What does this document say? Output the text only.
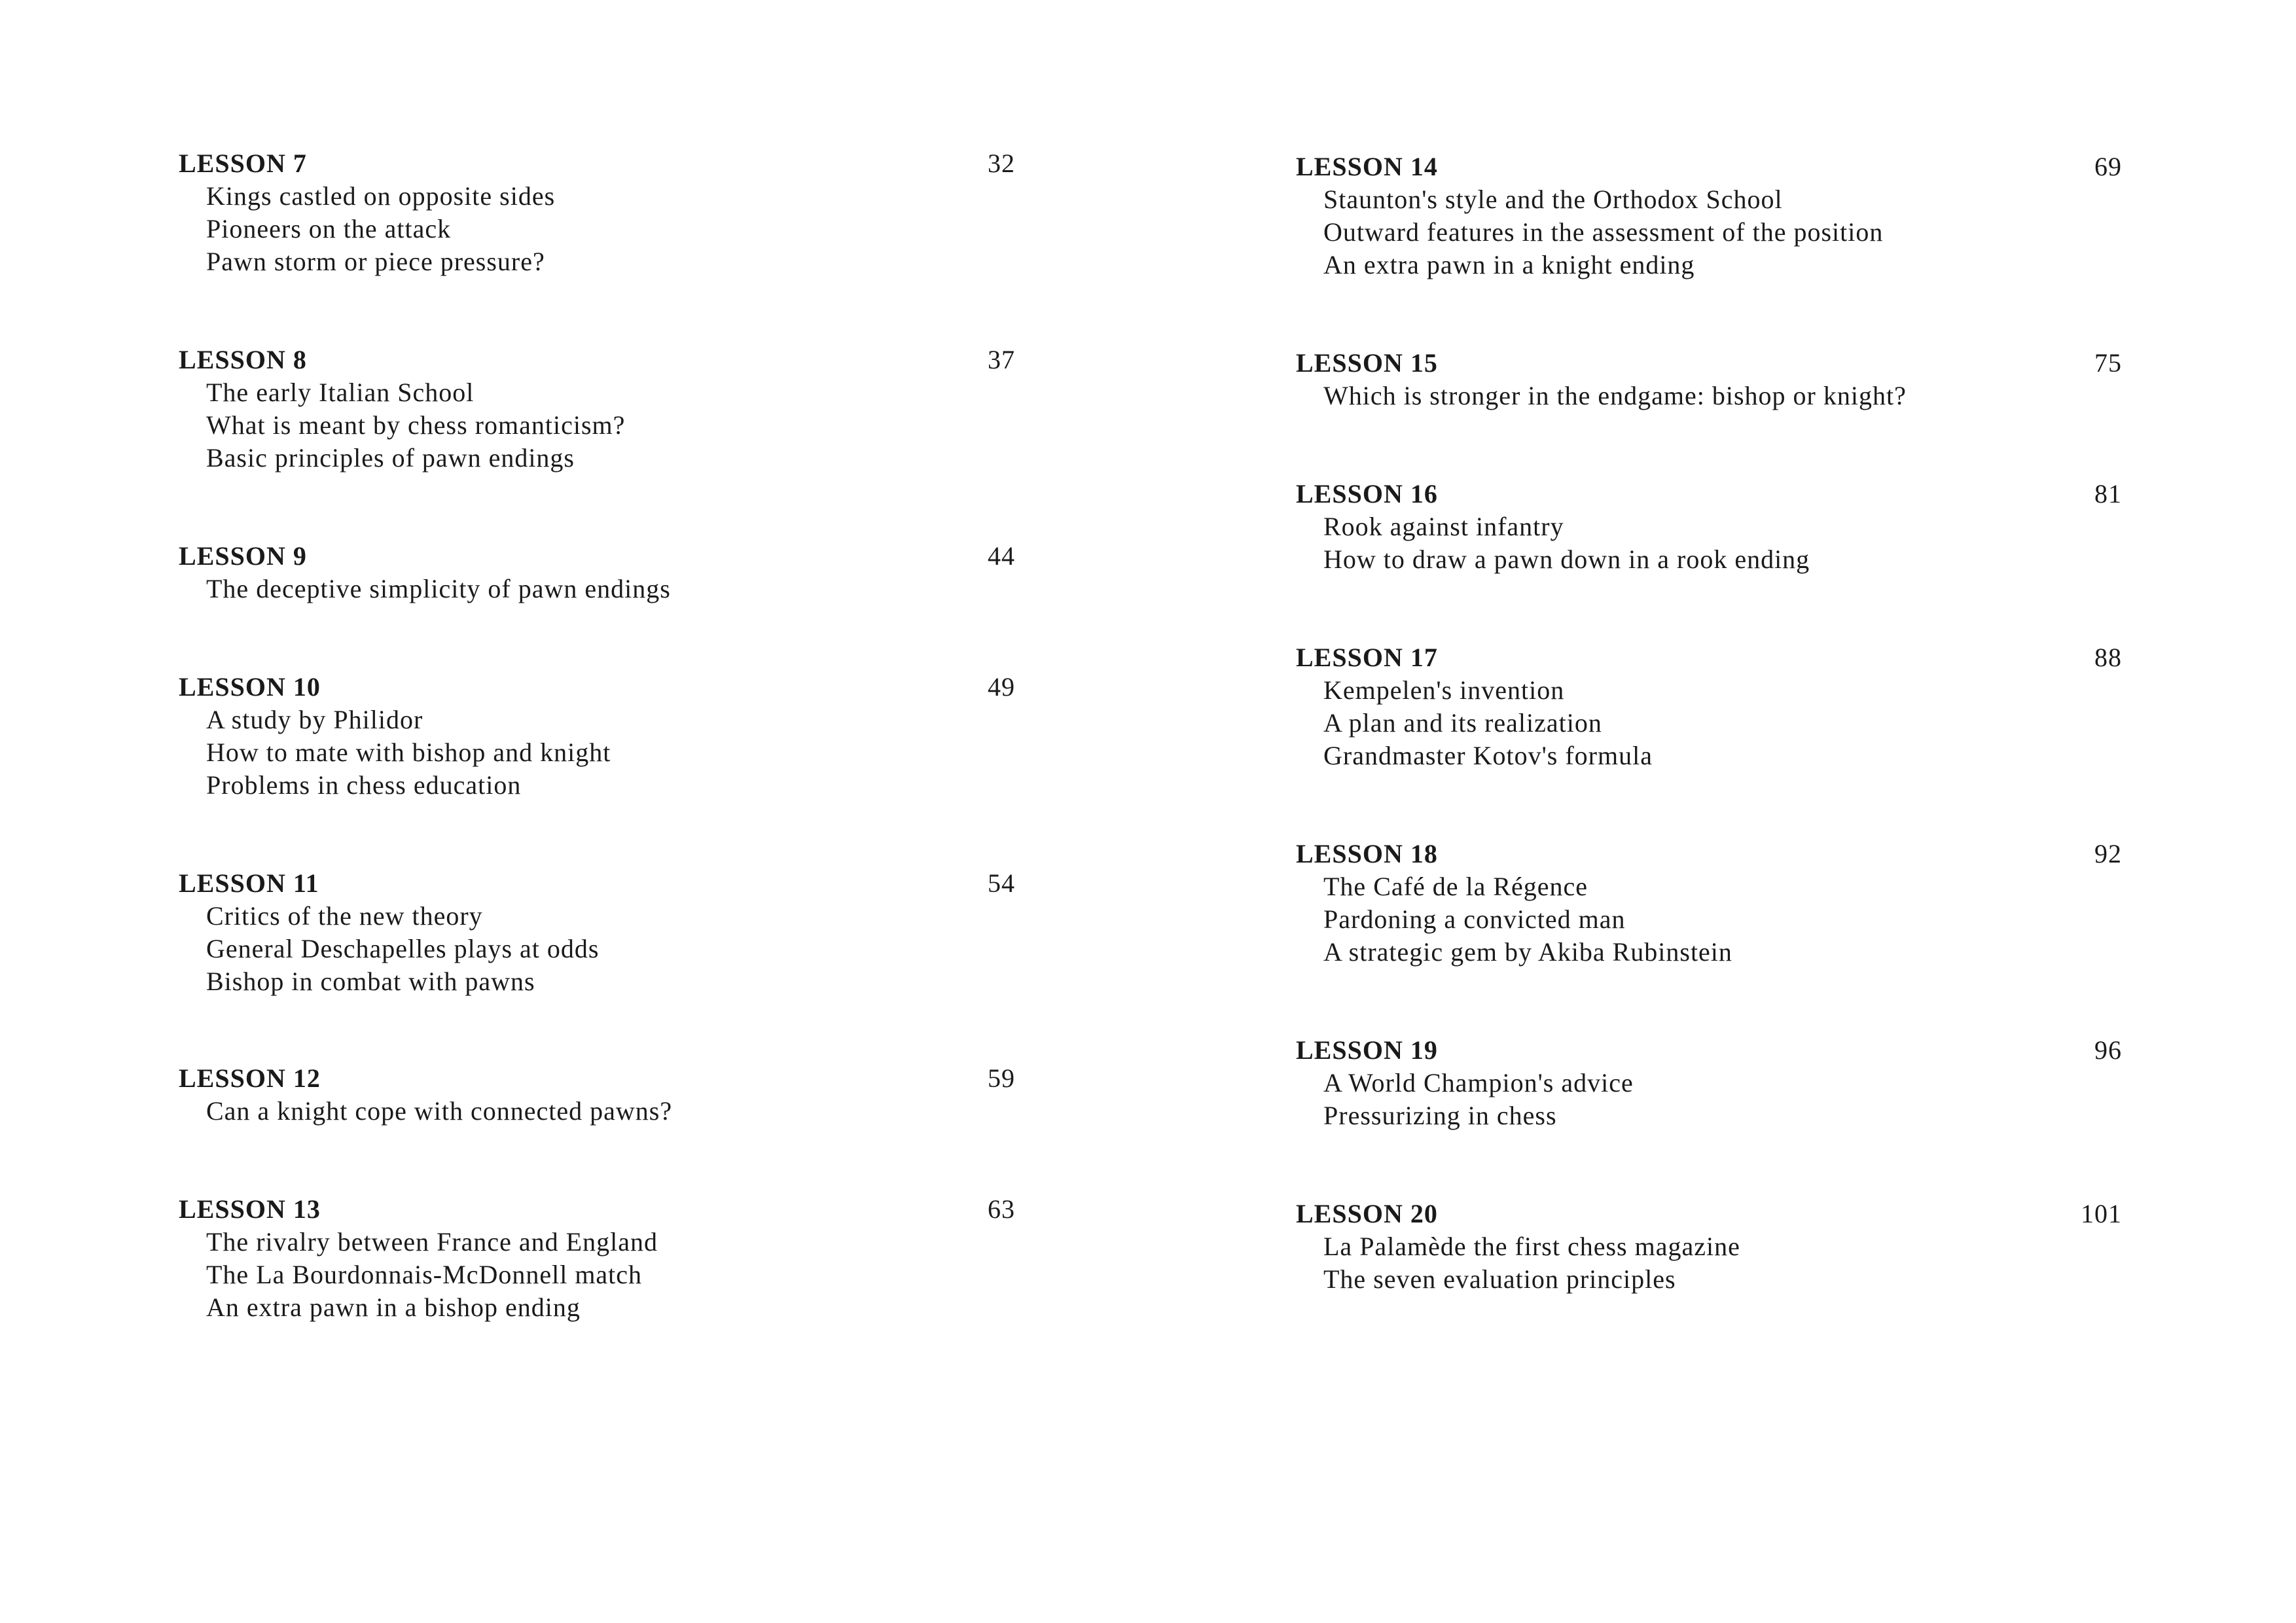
LESSON 7	32
Kings castled on opposite sides
Pioneers on the attack
Pawn storm or piece pressure?
LESSON 8	37
The early Italian School
What is meant by chess romanticism?
Basic principles of pawn endings
LESSON 9	44
The deceptive simplicity of pawn endings
LESSON 10	49
A study by Philidor
How to mate with bishop and knight
Problems in chess education
LESSON 11	54
Critics of the new theory
General Deschapelles plays at odds
Bishop in combat with pawns
LESSON 12	59
Can a knight cope with connected pawns?
LESSON 13	63
The rivalry between France and England
The La Bourdonnais-McDonnell match
An extra pawn in a bishop ending
LESSON 14	69
Staunton's style and the Orthodox School
Outward features in the assessment of the position
An extra pawn in a knight ending
LESSON 15	75
Which is stronger in the endgame: bishop or knight?
LESSON 16	81
Rook against infantry
How to draw a pawn down in a rook ending
LESSON 17	88
Kempelen's invention
A plan and its realization
Grandmaster Kotov's formula
LESSON 18	92
The Café de la Régence
Pardoning a convicted man
A strategic gem by Akiba Rubinstein
LESSON 19	96
A World Champion's advice
Pressurizing in chess
LESSON 20	101
La Palamède the first chess magazine
The seven evaluation principles
